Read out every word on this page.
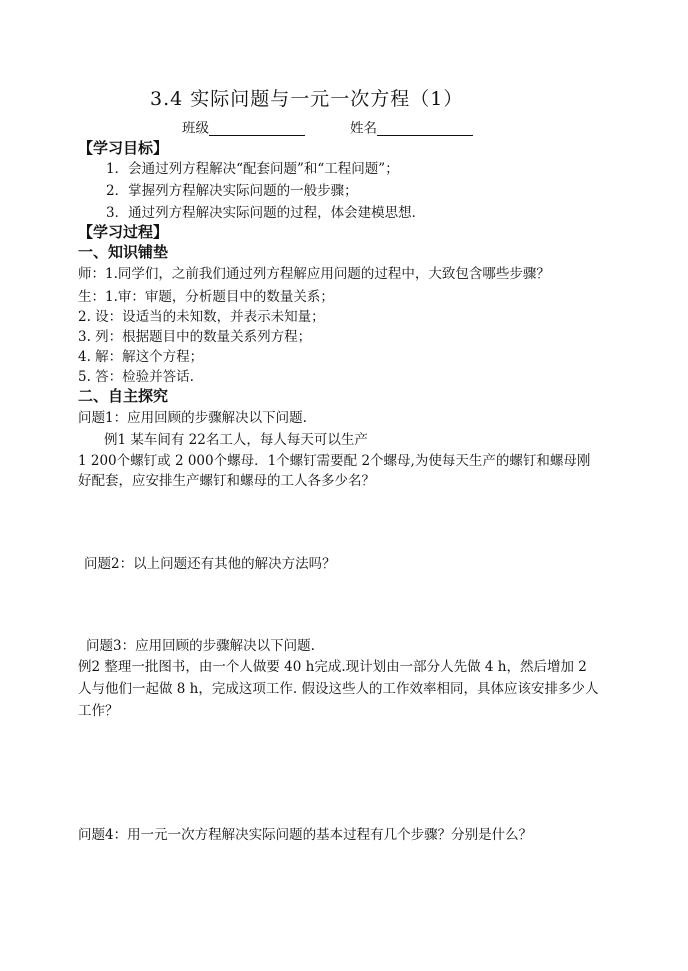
3.4 实际问题与一元一次方程（1）
班级	姓名
【学习目标】
1．会通过列方程解决“配套问题”和“工程问题”；
2．掌握列方程解决实际问题的一般步骤；
3．通过列方程解决实际问题的过程，体会建模思想．
【学习过程】
一、知识铺垫
师：1.同学们，之前我们通过列方程解应用问题的过程中，大致包含哪些步骤？
生：1.审：审题，分析题目中的数量关系；
2. 设：设适当的未知数，并表示未知量；
3. 列：根据题目中的数量关系列方程；
4. 解：解这个方程；
5. 答：检验并答话.
二、自主探究
问题1：应用回顾的步骤解决以下问题.
例1 某车间有 22名工人，每人每天可以生产
1 200个螺钉或 2 000个螺母．1个螺钉需要配 2个螺母,为使每天生产的螺钉和螺母刚
好配套，应安排生产螺钉和螺母的工人各多少名？
问题2：以上问题还有其他的解决方法吗？
问题3：应用回顾的步骤解决以下问题.
例2 整理一批图书，由一个人做要 40 h完成.现计划由一部分人先做 4 h，然后增加 2
人与他们一起做 8 h，完成这项工作. 假设这些人的工作效率相同，具体应该安排多少人
工作？
问题4：用一元一次方程解决实际问题的基本过程有几个步骤？分别是什么？
